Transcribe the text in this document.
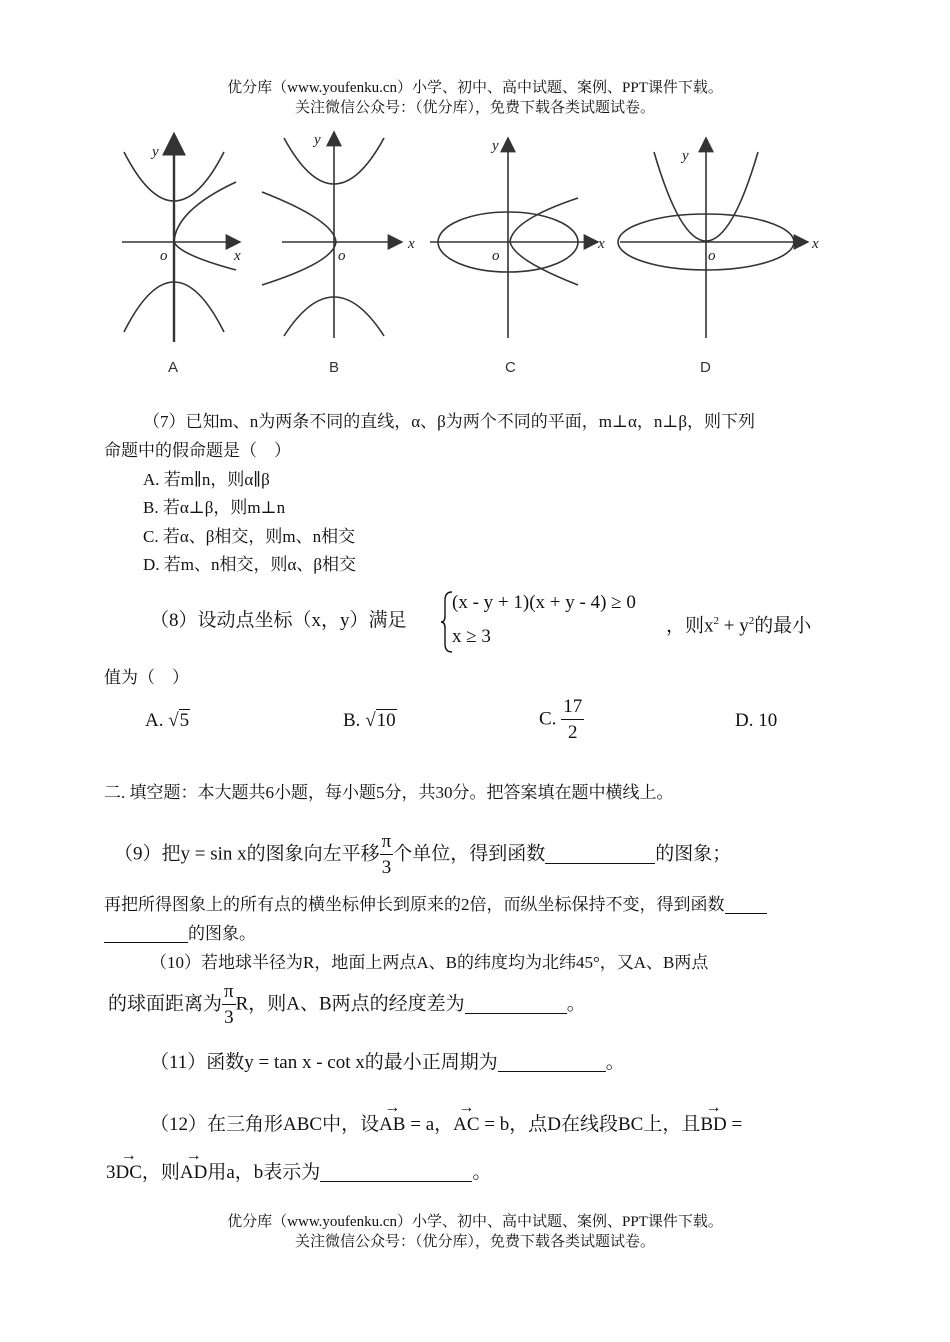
优分库（www.youfenku.cn）小学、初中、高中试题、案例、PPT课件下载。
关注微信公众号：（优分库），免费下载各类试题试卷。
y
x
o
y
x
o
y
x
o
y
x
o
A	B	C	D
（7）已知m、n为两条不同的直线，α、β为两个不同的平面，m⊥α，n⊥β，则下列
命题中的假命题是（　）
A. 若m∥n，则α∥β
B. 若α⊥β，则m⊥n
C. 若α、β相交，则m、n相交
D. 若m、n相交，则α、β相交
（8）设动点坐标（x，y）满足
(x - y + 1)(x + y - 4) ≥ 0
x ≥ 3
，则$x^2 + y^2$的最小
值为（　）
A. √5	B. √10	C. $\frac{17}{2}$	D. 10
二. 填空题：本大题共6小题，每小题5分，共30分。把答案填在题中横线上。
（9）把y = sin x的图象向左平移 $\frac{\pi}{3}$ 个单位，得到函数	的图象；
再把所得图象上的所有点的横坐标伸长到原来的2倍，而纵坐标保持不变，得到函数
的图象。
（10）若地球半径为R，地面上两点A、B的纬度均为北纬45°，又A、B两点
的球面距离为 $\frac{\pi}{3}$ R，则A、B两点的经度差为	。
（11）函数y = tan x - cot x的最小正周期为	。
（12）在三角形ABC中，设→ AB = a，→ AC = b，点D在线段BC上，且→ BD =
3→ DC，则→ AD用a，b表示为	。
优分库（www.youfenku.cn）小学、初中、高中试题、案例、PPT课件下载。
关注微信公众号：（优分库），免费下载各类试题试卷。
